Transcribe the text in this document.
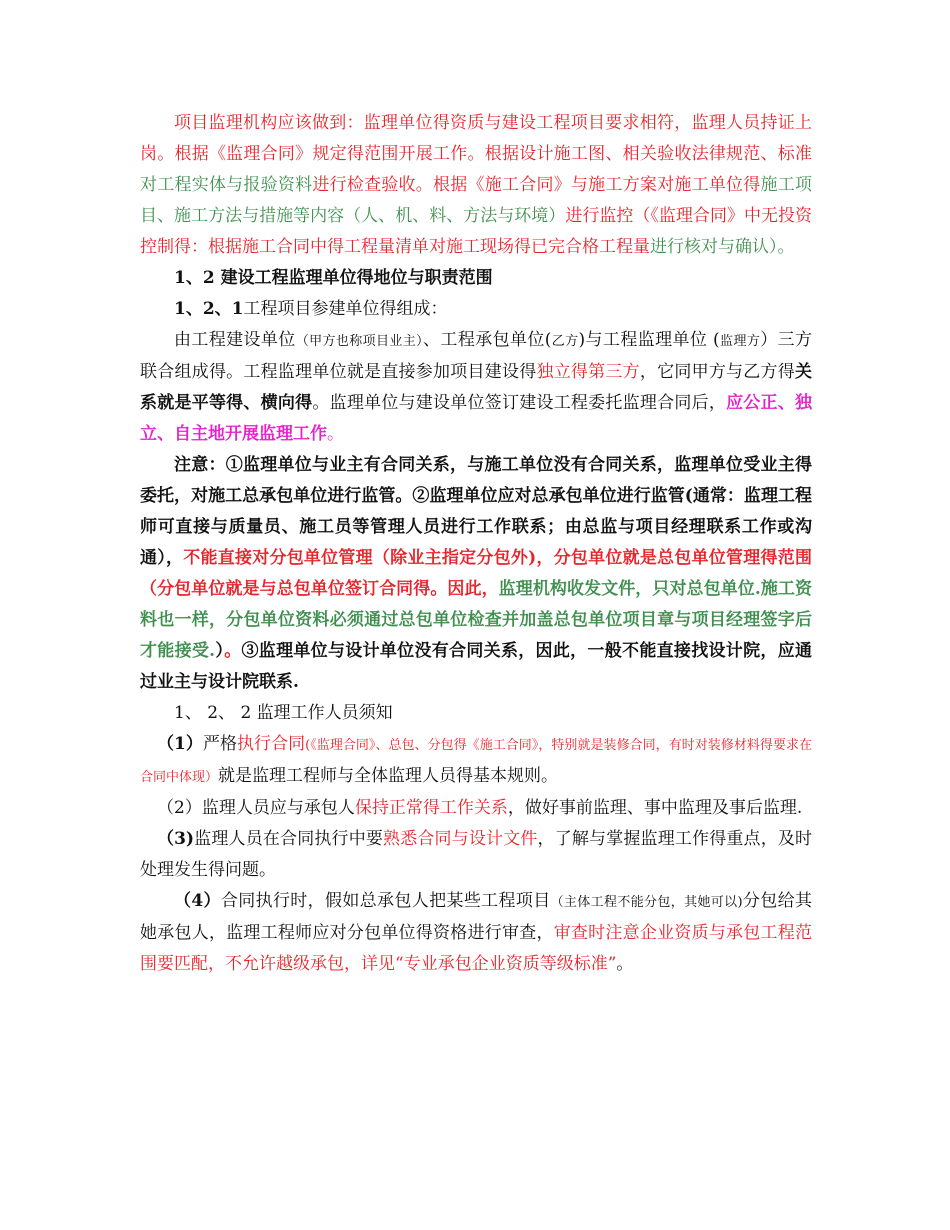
项目监理机构应该做到：监理单位得资质与建设工程项目要求相符，监理人员持证上岗。根据《监理合同》规定得范围开展工作。根据设计施工图、相关验收法律规范、标准对工程实体与报验资料进行检查验收。根据《施工合同》与施工方案对施工单位得施工项目、施工方法与措施等内容（人、机、料、方法与环境）进行监控（《监理合同》中无投资控制得：根据施工合同中得工程量清单对施工现场得已完合格工程量进行核对与确认）。

1、2 建设工程监理单位得地位与职责范围

1、2、1工程项目参建单位得组成：

由工程建设单位（甲方也称项目业主）、工程承包单位(乙方)与工程监理单位 (监理方）三方联合组成得。工程监理单位就是直接参加项目建设得独立得第三方，它同甲方与乙方得关系就是平等得、横向得。监理单位与建设单位签订建设工程委托监理合同后，应公正、独立、自主地开展监理工作。

注意：①监理单位与业主有合同关系，与施工单位没有合同关系，监理单位受业主得委托，对施工总承包单位进行监管。②监理单位应对总承包单位进行监管(通常：监理工程师可直接与质量员、施工员等管理人员进行工作联系；由总监与项目经理联系工作或沟通），不能直接对分包单位管理（除业主指定分包外)，分包单位就是总包单位管理得范围（分包单位就是与总包单位签订合同得。因此，监理机构收发文件，只对总包单位.施工资料也一样，分包单位资料必须通过总包单位检查并加盖总包单位项目章与项目经理签字后才能接受.）。③监理单位与设计单位没有合同关系，因此，一般不能直接找设计院，应通过业主与设计院联系.

1、 2、 2 监理工作人员须知

（1）严格执行合同(《监理合同》、总包、分包得《施工合同》，特别就是装修合同，有时对装修材料得要求在合同中体现）就是监理工程师与全体监理人员得基本规则。

（2）监理人员应与承包人保持正常得工作关系，做好事前监理、事中监理及事后监理.

（3)监理人员在合同执行中要熟悉合同与设计文件，了解与掌握监理工作得重点，及时处理发生得问题。

（4）合同执行时，假如总承包人把某些工程项目（主体工程不能分包，其她可以)分包给其她承包人，监理工程师应对分包单位得资格进行审查，审查时注意企业资质与承包工程范围要匹配，不允许越级承包，详见“专业承包企业资质等级标准”。
